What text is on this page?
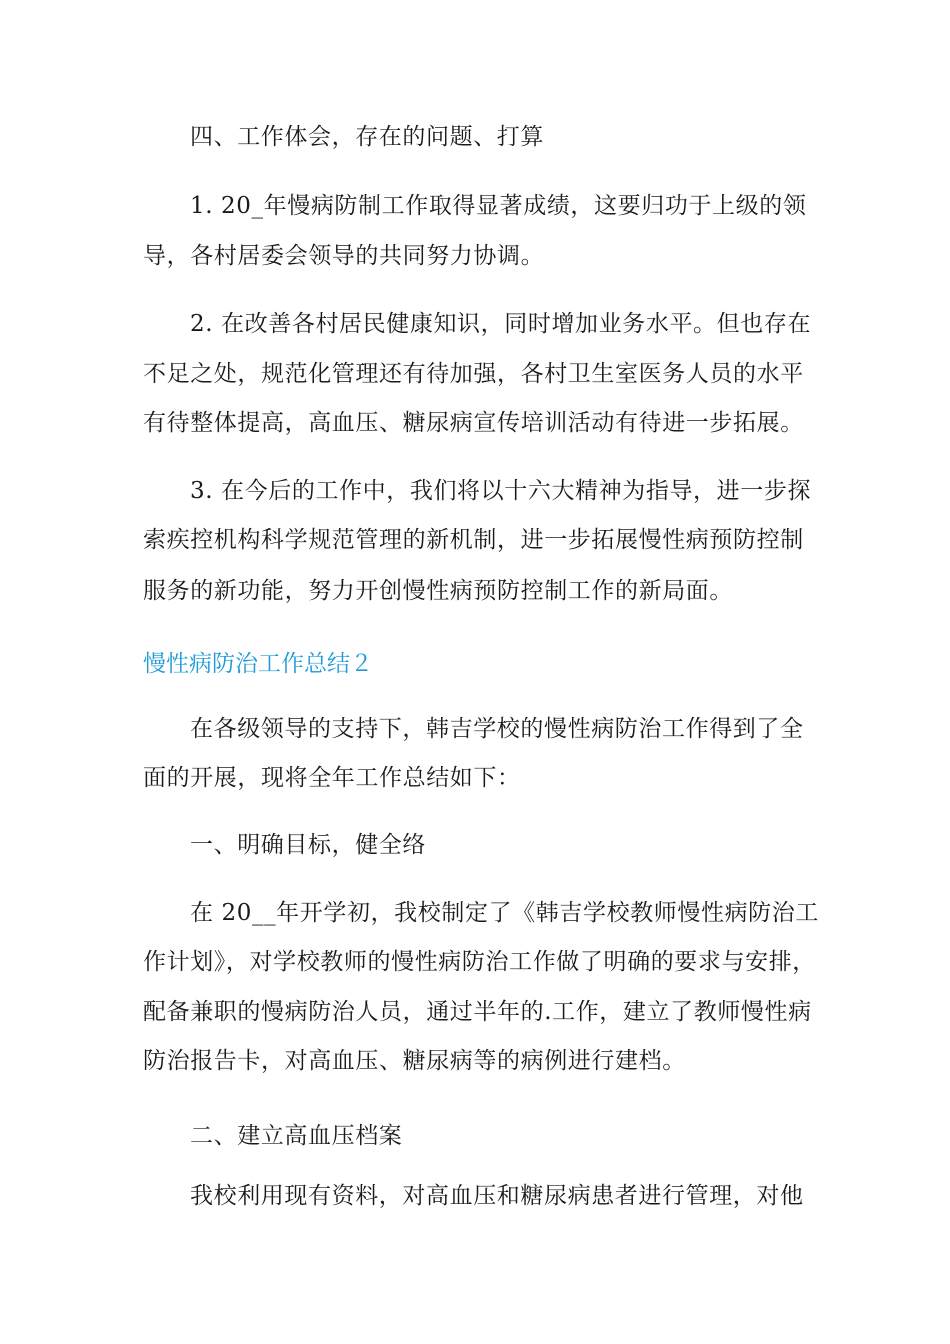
四、工作体会，存在的问题、打算
1. 20_年慢病防制工作取得显著成绩，这要归功于上级的领
导，各村居委会领导的共同努力协调。
2. 在改善各村居民健康知识，同时增加业务水平。但也存在
不足之处，规范化管理还有待加强，各村卫生室医务人员的水平
有待整体提高，高血压、糖尿病宣传培训活动有待进一步拓展。
3. 在今后的工作中，我们将以十六大精神为指导，进一步探
索疾控机构科学规范管理的新机制，进一步拓展慢性病预防控制
服务的新功能，努力开创慢性病预防控制工作的新局面。
慢性病防治工作总结２
在各级领导的支持下，韩吉学校的慢性病防治工作得到了全
面的开展，现将全年工作总结如下：
一、明确目标，健全络
在 20__年开学初，我校制定了《韩吉学校教师慢性病防治工
作计划》，对学校教师的慢性病防治工作做了明确的要求与安排，
配备兼职的慢病防治人员，通过半年的.工作，建立了教师慢性病
防治报告卡，对高血压、糖尿病等的病例进行建档。
二、建立高血压档案
我校利用现有资料，对高血压和糖尿病患者进行管理，对他
